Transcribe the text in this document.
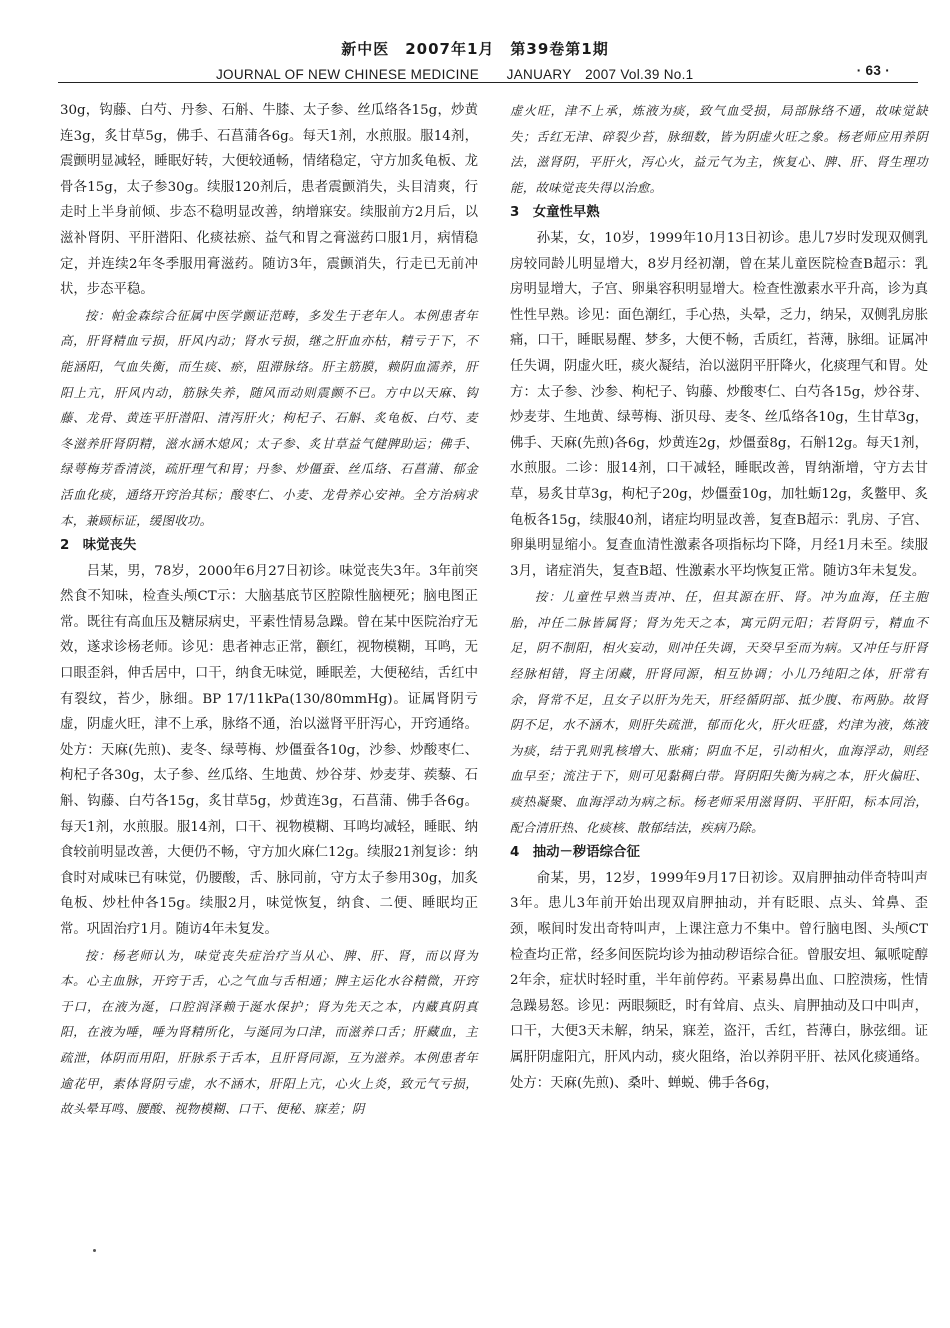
新中医　2007年1月　第39卷第1期
JOURNAL OF NEW CHINESE MEDICINE　　JANUARY　2007 Vol.39 No.1	· 63 ·

30g，钩藤、白芍、丹参、石斛、牛膝、太子参、丝瓜络各15g，炒黄连3g，炙甘草5g，佛手、石菖蒲各6g。每天1剂，水煎服。服14剂，震颤明显减轻，睡眠好转，大便较通畅，情绪稳定，守方加炙龟板、龙骨各15g，太子参30g。续服120剂后，患者震颤消失，头目清爽，行走时上半身前倾、步态不稳明显改善，纳增寐安。续服前方2月后，以滋补肾阴、平肝潜阳、化痰祛瘀、益气和胃之膏滋药口服1月，病情稳定，并连续2年冬季服用膏滋药。随访3年，震颤消失，行走已无前冲状，步态平稳。

按：帕金森综合征属中医学颤证范畴，多发生于老年人。本例患者年高，肝肾精血亏损，肝风内动；肾水亏损，继之肝血亦枯，精亏于下，不能涵阳，气血失衡，而生痰、瘀，阻滞脉络。肝主筋膜，赖阴血濡养，肝阳上亢，肝风内动，筋脉失养，随风而动则震颤不已。方中以天麻、钩藤、龙骨、黄连平肝潜阳、清泻肝火；枸杞子、石斛、炙龟板、白芍、麦冬滋养肝肾阴精，滋水涵木熄风；太子参、炙甘草益气健脾助运；佛手、绿萼梅芳香清淡，疏肝理气和胃；丹参、炒僵蚕、丝瓜络、石菖蒲、郁金活血化痰，通络开窍治其标；酸枣仁、小麦、龙骨养心安神。全方治病求本，兼顾标证，缓图收功。

2　味觉丧失

吕某，男，78岁，2000年6月27日初诊。味觉丧失3年。3年前突然食不知味，检查头颅CT示：大脑基底节区腔隙性脑梗死；脑电图正常。既往有高血压及糖尿病史，平素性情易急躁。曾在某中医院治疗无效，遂求诊杨老师。诊见：患者神志正常，颧红，视物模糊，耳鸣，无口眼歪斜，伸舌居中，口干，纳食无味觉，睡眠差，大便秘结，舌红中有裂纹，苔少，脉细。BP 17/11kPa(130/80mmHg)。证属肾阴亏虚，阴虚火旺，津不上承，脉络不通，治以滋肾平肝泻心，开窍通络。处方：天麻(先煎)、麦冬、绿萼梅、炒僵蚕各10g，沙参、炒酸枣仁、枸杞子各30g，太子参、丝瓜络、生地黄、炒谷芽、炒麦芽、蒺藜、石斛、钩藤、白芍各15g，炙甘草5g，炒黄连3g，石菖蒲、佛手各6g。每天1剂，水煎服。服14剂，口干、视物模糊、耳鸣均减轻，睡眠、纳食较前明显改善，大便仍不畅，守方加火麻仁12g。续服21剂复诊：纳食时对咸味已有味觉，仍腰酸，舌、脉同前，守方太子参用30g，加炙龟板、炒杜仲各15g。续服2月，味觉恢复，纳食、二便、睡眠均正常。巩固治疗1月。随访4年未复发。

按：杨老师认为，味觉丧失症治疗当从心、脾、肝、肾，而以肾为本。心主血脉，开窍于舌，心之气血与舌相通；脾主运化水谷精微，开窍于口，在液为涎，口腔润泽赖于涎水保护；肾为先天之本，内藏真阴真阳，在液为唾，唾为肾精所化，与涎同为口津，而滋养口舌；肝藏血，主疏泄，体阴而用阳，肝脉系于舌本，且肝肾同源，互为滋养。本例患者年逾花甲，素体肾阴亏虚，水不涵木，肝阳上亢，心火上炎，致元气亏损，故头晕耳鸣、腰酸、视物模糊、口干、便秘、寐差；阴

虚火旺，津不上承，炼液为痰，致气血受损，局部脉络不通，故味觉缺失；舌红无津、碎裂少苔，脉细数，皆为阴虚火旺之象。杨老师应用养阴法，滋肾阴，平肝火，泻心火，益元气为主，恢复心、脾、肝、肾生理功能，故味觉丧失得以治愈。

3　女童性早熟

孙某，女，10岁，1999年10月13日初诊。患儿7岁时发现双侧乳房较同龄儿明显增大，8岁月经初潮，曾在某儿童医院检查B超示：乳房明显增大，子宫、卵巢容积明显增大。检查性激素水平升高，诊为真性性早熟。诊见：面色潮红，手心热，头晕，乏力，纳呆，双侧乳房胀痛，口干，睡眠易醒、梦多，大便不畅，舌质红，苔薄，脉细。证属冲任失调，阴虚火旺，痰火凝结，治以滋阴平肝降火，化痰理气和胃。处方：太子参、沙参、枸杞子、钩藤、炒酸枣仁、白芍各15g，炒谷芽、炒麦芽、生地黄、绿萼梅、浙贝母、麦冬、丝瓜络各10g，生甘草3g，佛手、天麻(先煎)各6g，炒黄连2g，炒僵蚕8g，石斛12g。每天1剂，水煎服。二诊：服14剂，口干减轻，睡眠改善，胃纳渐增，守方去甘草，易炙甘草3g，枸杞子20g，炒僵蚕10g，加牡蛎12g，炙鳖甲、炙龟板各15g，续服40剂，诸症均明显改善，复查B超示：乳房、子宫、卵巢明显缩小。复查血清性激素各项指标均下降，月经1月未至。续服3月，诸症消失，复查B超、性激素水平均恢复正常。随访3年未复发。

按：儿童性早熟当责冲、任，但其源在肝、肾。冲为血海，任主胞胎，冲任二脉皆属肾；肾为先天之本，寓元阴元阳；若肾阴亏，精血不足，阴不制阳，相火妄动，则冲任失调，天癸早至而为病。又冲任与肝肾经脉相错，肾主闭藏，肝肾同源，相互协调；小儿乃纯阳之体，肝常有余，肾常不足，且女子以肝为先天，肝经循阴部、抵少腹、布两胁。故肾阴不足，水不涵木，则肝失疏泄，郁而化火，肝火旺盛，灼津为液，炼液为痰，结于乳则乳核增大、胀痛；阴血不足，引动相火，血海浮动，则经血早至；流注于下，则可见黏稠白带。肾阴阳失衡为病之本，肝火偏旺、痰热凝聚、血海浮动为病之标。杨老师采用滋肾阴、平肝阳，标本同治，配合清肝热、化痰核、散郁结法，疾病乃除。

4　抽动－秽语综合征

俞某，男，12岁，1999年9月17日初诊。双肩胛抽动伴奇特叫声3年。患儿3年前开始出现双肩胛抽动，并有眨眼、点头、耸鼻、歪颈，喉间时发出奇特叫声，上课注意力不集中。曾行脑电图、头颅CT检查均正常，经多间医院均诊为抽动秽语综合征。曾服安坦、氟哌啶醇2年余，症状时轻时重，半年前停药。平素易鼻出血、口腔溃疡，性情急躁易怒。诊见：两眼频眨，时有耸肩、点头、肩胛抽动及口中叫声，口干，大便3天未解，纳呆，寐差，盗汗，舌红，苔薄白，脉弦细。证属肝阴虚阳亢，肝风内动，痰火阻络，治以养阴平肝、祛风化痰通络。处方：天麻(先煎)、桑叶、蝉蜕、佛手各6g，
